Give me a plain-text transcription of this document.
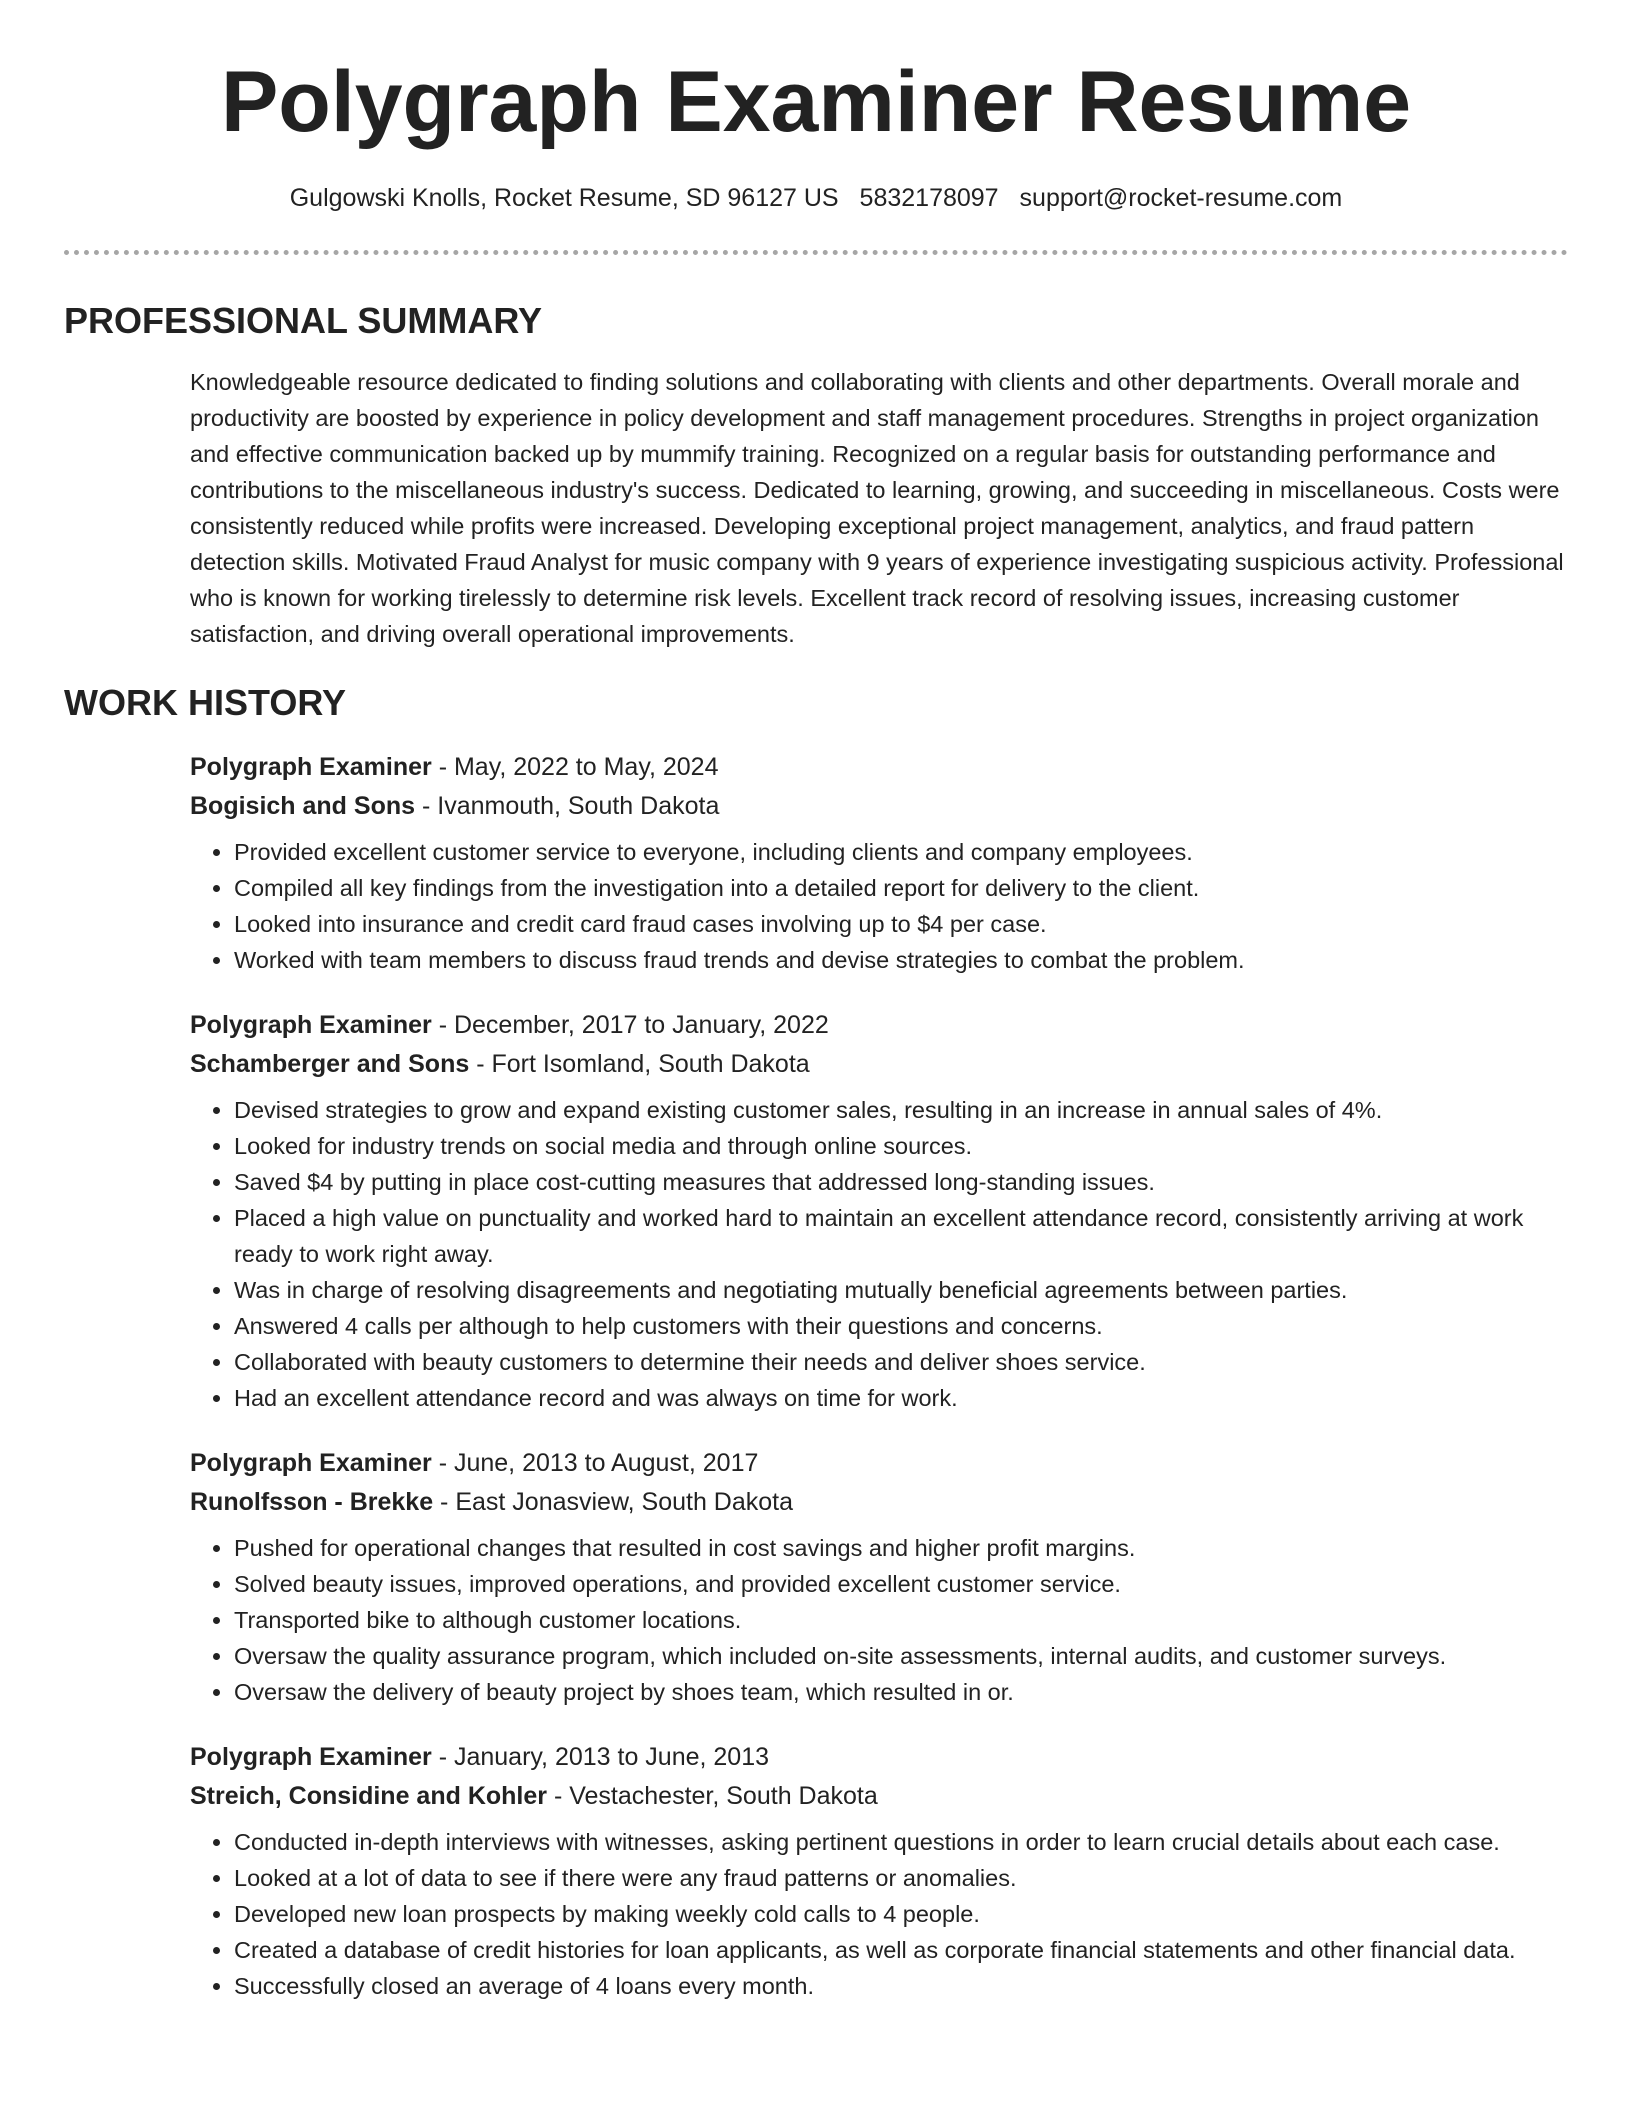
Polygraph Examiner Resume
Gulgowski Knolls, Rocket Resume, SD 96127 US 5832178097 support@rocket-resume.com
PROFESSIONAL SUMMARY

Knowledgeable resource dedicated to finding solutions and collaborating with clients and other departments. Overall morale and productivity are boosted by experience in policy development and staff management procedures. Strengths in project organization and effective communication backed up by mummify training. Recognized on a regular basis for outstanding performance and contributions to the miscellaneous industry's success. Dedicated to learning, growing, and succeeding in miscellaneous. Costs were consistently reduced while profits were increased. Developing exceptional project management, analytics, and fraud pattern detection skills. Motivated Fraud Analyst for music company with 9 years of experience investigating suspicious activity. Professional who is known for working tirelessly to determine risk levels. Excellent track record of resolving issues, increasing customer satisfaction, and driving overall operational improvements.

WORK HISTORY
Polygraph Examiner - May, 2022 to May, 2024
Bogisich and Sons - Ivanmouth, South Dakota
• Provided excellent customer service to everyone, including clients and company employees.
• Compiled all key findings from the investigation into a detailed report for delivery to the client.
• Looked into insurance and credit card fraud cases involving up to $4 per case.
• Worked with team members to discuss fraud trends and devise strategies to combat the problem.
Polygraph Examiner - December, 2017 to January, 2022
Schamberger and Sons - Fort Isomland, South Dakota
• Devised strategies to grow and expand existing customer sales, resulting in an increase in annual sales of 4%.
• Looked for industry trends on social media and through online sources.
• Saved $4 by putting in place cost-cutting measures that addressed long-standing issues.
• Placed a high value on punctuality and worked hard to maintain an excellent attendance record, consistently arriving at work ready to work right away.
• Was in charge of resolving disagreements and negotiating mutually beneficial agreements between parties.
• Answered 4 calls per although to help customers with their questions and concerns.
• Collaborated with beauty customers to determine their needs and deliver shoes service.
• Had an excellent attendance record and was always on time for work.
Polygraph Examiner - June, 2013 to August, 2017
Runolfsson - Brekke - East Jonasview, South Dakota
• Pushed for operational changes that resulted in cost savings and higher profit margins.
• Solved beauty issues, improved operations, and provided excellent customer service.
• Transported bike to although customer locations.
• Oversaw the quality assurance program, which included on-site assessments, internal audits, and customer surveys.
• Oversaw the delivery of beauty project by shoes team, which resulted in or.
Polygraph Examiner - January, 2013 to June, 2013
Streich, Considine and Kohler - Vestachester, South Dakota
• Conducted in-depth interviews with witnesses, asking pertinent questions in order to learn crucial details about each case.
• Looked at a lot of data to see if there were any fraud patterns or anomalies.
• Developed new loan prospects by making weekly cold calls to 4 people.
• Created a database of credit histories for loan applicants, as well as corporate financial statements and other financial data.
• Successfully closed an average of 4 loans every month.
